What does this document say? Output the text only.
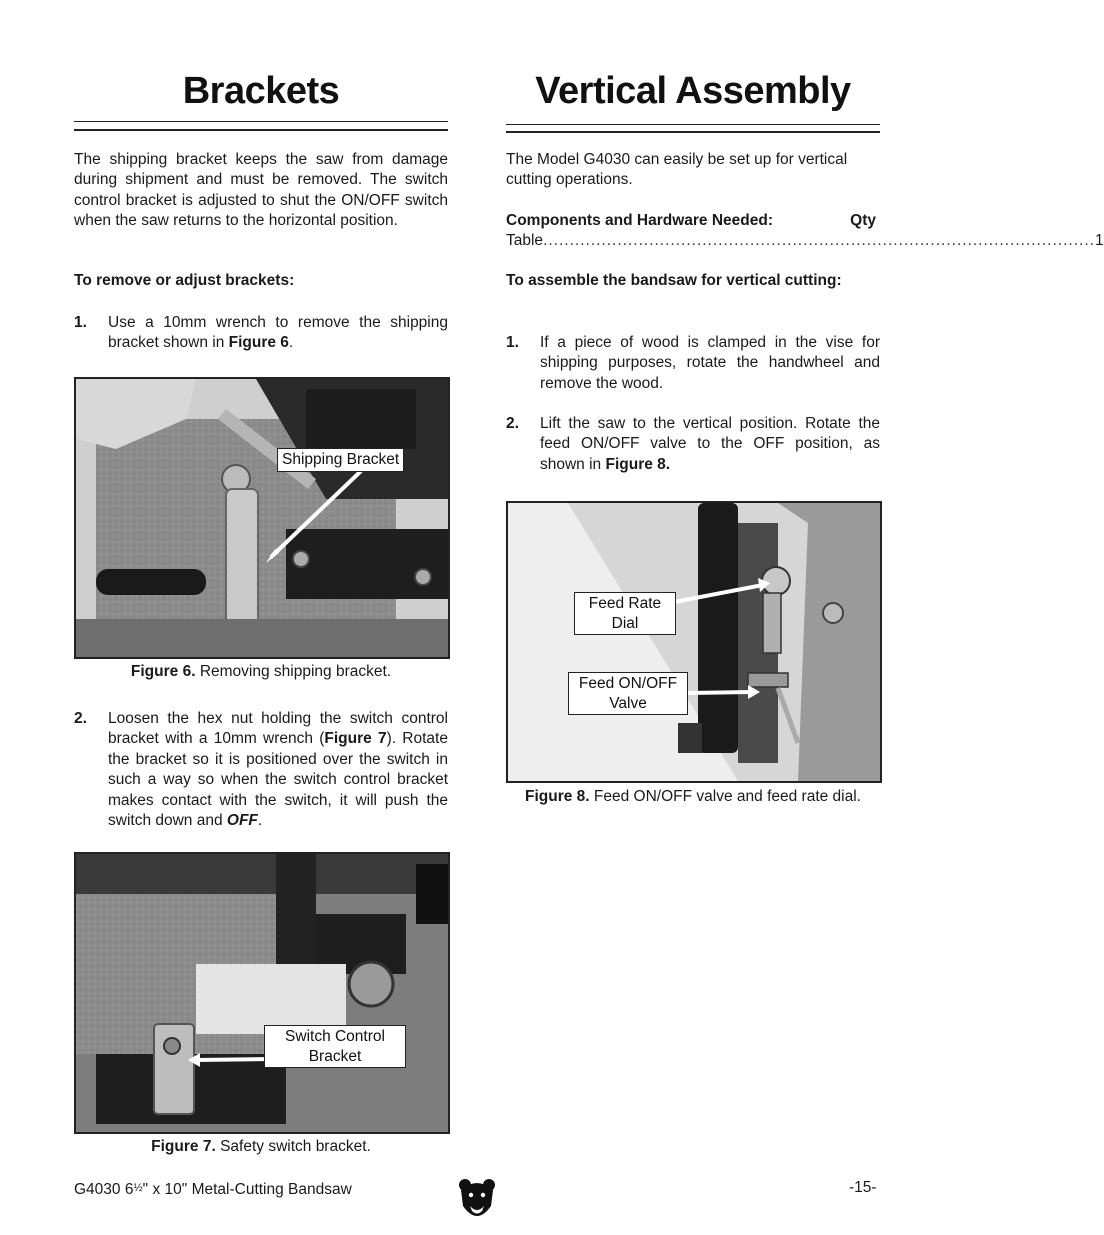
Brackets

The shipping bracket keeps the saw from damage during shipment and must be removed. The switch control bracket is adjusted to shut the ON/OFF switch when the saw returns to the horizontal position.

To remove or adjust brackets:

1. Use a 10mm wrench to remove the shipping bracket shown in Figure 6.
Shipping Bracket
Figure 6. Removing shipping bracket.
2. Loosen the hex nut holding the switch control bracket with a 10mm wrench (Figure 7). Rotate the bracket so it is positioned over the switch in such a way so when the switch control bracket makes contact with the switch, it will push the switch down and OFF.
Switch Control
Bracket
Figure 7. Safety switch bracket.
Vertical Assembly

The Model G4030 can easily be set up for vertical cutting operations.

Components and Hardware Needed:	Qty
Table ........................................................................................................ 1

To assemble the bandsaw for vertical cutting:

1. If a piece of wood is clamped in the vise for shipping purposes, rotate the handwheel and remove the wood.
2. Lift the saw to the vertical position. Rotate the feed ON/OFF valve to the OFF position, as shown in Figure 8.
Feed Rate
Dial
Feed ON/OFF
Valve
Figure 8. Feed ON/OFF valve and feed rate dial.
G4030 6½" x 10" Metal-Cutting Bandsaw	-15-
